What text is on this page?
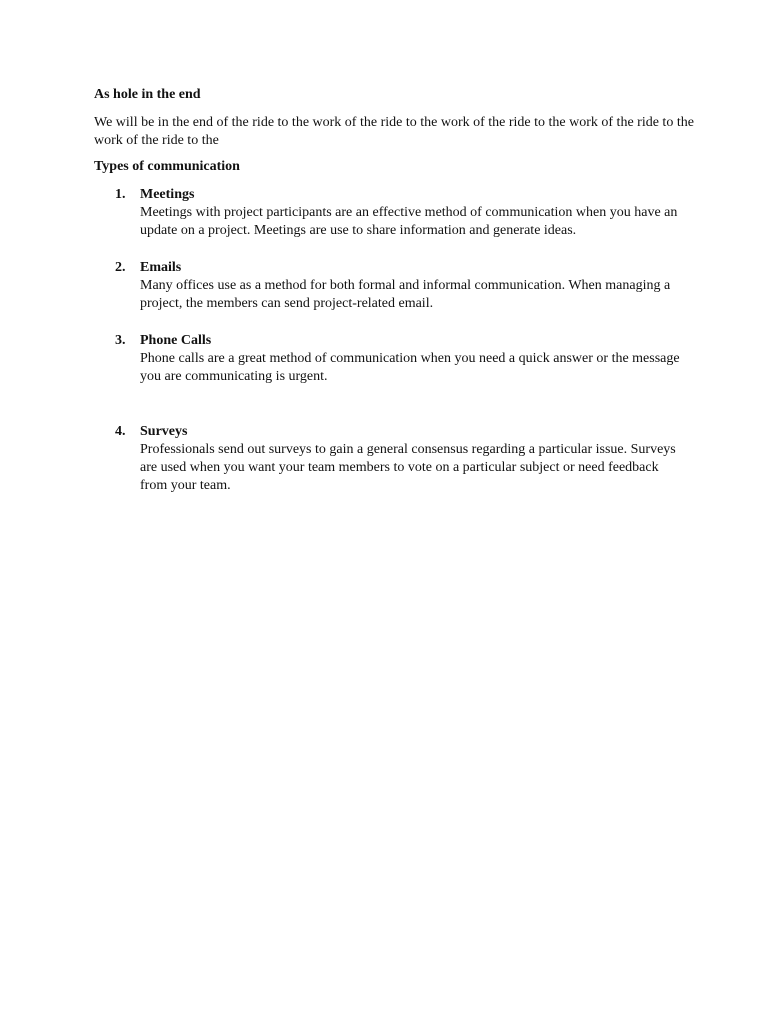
As hole in the end

We will be in the end of the ride to the work of the ride to the work of the ride to the work of the ride to the work of the ride to the

Types of communication
1. Meetings
Meetings with project participants are an effective method of communication when you have an update on a project. Meetings are use to share information and generate ideas.
2. Emails
Many offices use as a method for both formal and informal communication. When managing a project, the members can send project-related email.
3. Phone Calls
Phone calls are a great method of communication when you need a quick answer or the message you are communicating is urgent.
4. Surveys
Professionals send out surveys to gain a general consensus regarding a particular issue. Surveys are used when you want your team members to vote on a particular subject or need feedback from your team.
